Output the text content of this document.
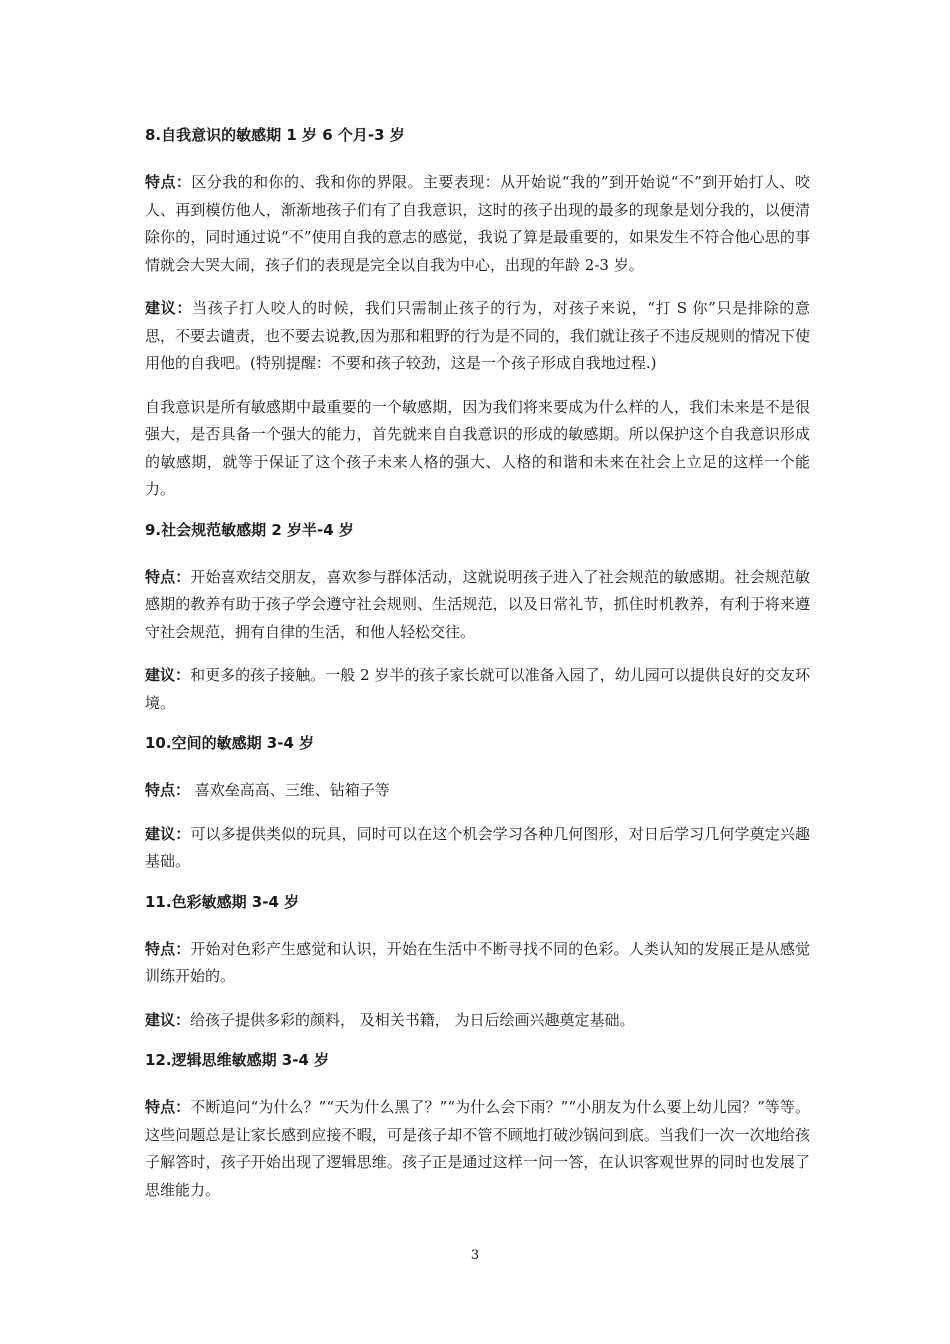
8.自我意识的敏感期 1 岁 6 个月-3 岁

特点：区分我的和你的、我和你的界限。主要表现：从开始说“我的”到开始说“不”到开始打人、咬人、再到模仿他人，渐渐地孩子们有了自我意识，这时的孩子出现的最多的现象是划分我的，以便清除你的，同时通过说“不”使用自我的意志的感觉，我说了算是最重要的，如果发生不符合他心思的事情就会大哭大闹，孩子们的表现是完全以自我为中心，出现的年龄 2-3 岁。

建议：当孩子打人咬人的时候，我们只需制止孩子的行为，对孩子来说，“打 S 你”只是排除的意思，不要去谴责，也不要去说教,因为那和粗野的行为是不同的，我们就让孩子不违反规则的情况下使用他的自我吧。(特别提醒：不要和孩子较劲，这是一个孩子形成自我地过程.)

自我意识是所有敏感期中最重要的一个敏感期，因为我们将来要成为什么样的人，我们未来是不是很强大，是否具备一个强大的能力，首先就来自自我意识的形成的敏感期。所以保护这个自我意识形成的敏感期，就等于保证了这个孩子未来人格的强大、人格的和谐和未来在社会上立足的这样一个能力。

9.社会规范敏感期 2 岁半-4 岁

特点：开始喜欢结交朋友，喜欢参与群体活动，这就说明孩子进入了社会规范的敏感期。社会规范敏感期的教养有助于孩子学会遵守社会规则、生活规范，以及日常礼节，抓住时机教养，有利于将来遵守社会规范，拥有自律的生活，和他人轻松交往。

建议：和更多的孩子接触。一般 2 岁半的孩子家长就可以准备入园了，幼儿园可以提供良好的交友环境。

10.空间的敏感期 3-4 岁

特点： 喜欢垒高高、三维、钻箱子等

建议：可以多提供类似的玩具，同时可以在这个机会学习各种几何图形，对日后学习几何学奠定兴趣基础。

11.色彩敏感期 3-4 岁

特点：开始对色彩产生感觉和认识，开始在生活中不断寻找不同的色彩。人类认知的发展正是从感觉训练开始的。

建议：给孩子提供多彩的颜料， 及相关书籍， 为日后绘画兴趣奠定基础。

12.逻辑思维敏感期 3-4 岁

特点：不断追问“为什么？”“天为什么黑了？”“为什么会下雨？”“小朋友为什么要上幼儿园？”等等。这些问题总是让家长感到应接不暇，可是孩子却不管不顾地打破沙锅问到底。当我们一次一次地给孩子解答时，孩子开始出现了逻辑思维。孩子正是通过这样一问一答，在认识客观世界的同时也发展了思维能力。

3
